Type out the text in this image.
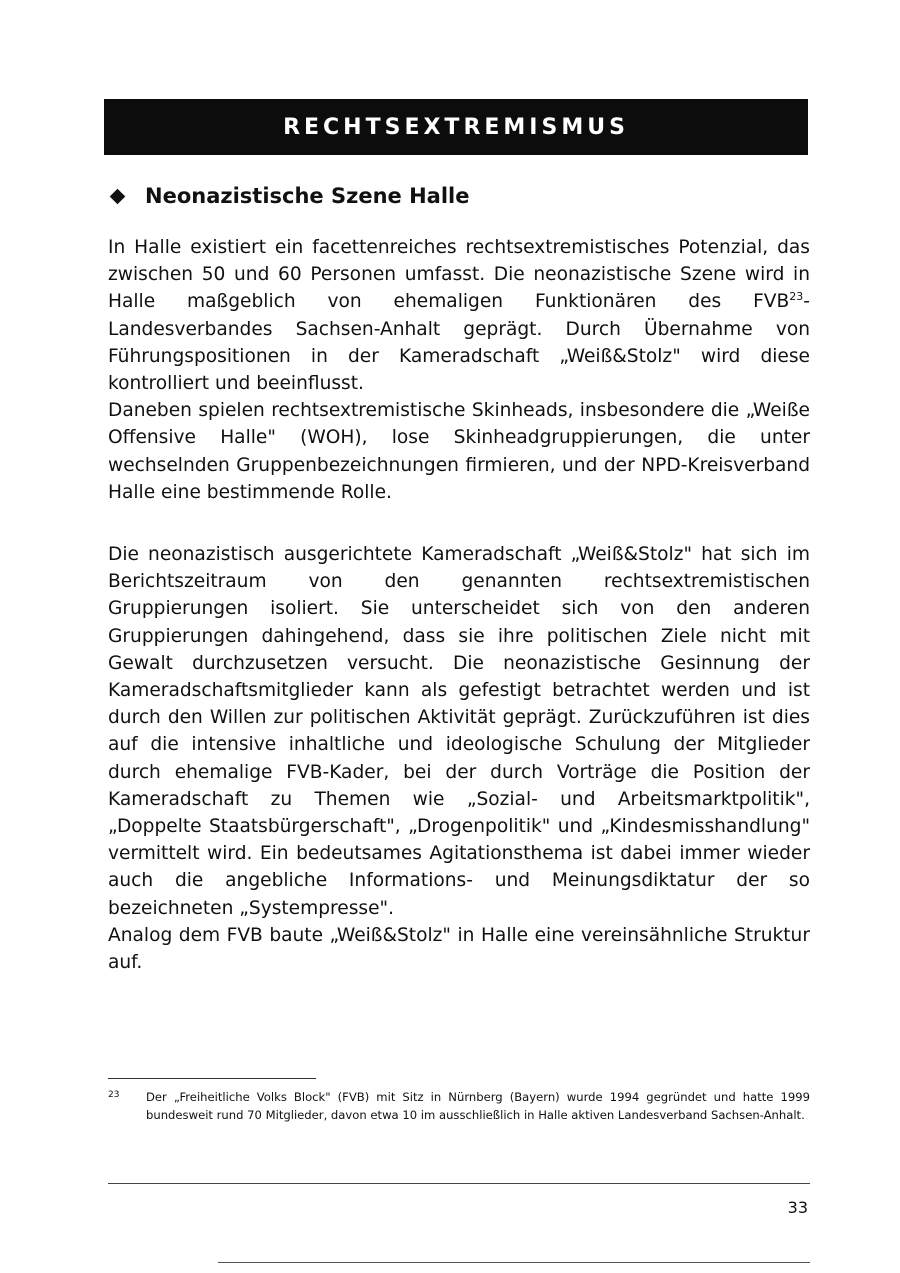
RECHTSEXTREMISMUS
Neonazistische Szene Halle

In Halle existiert ein facettenreiches rechtsextremistisches Potenzial, das zwischen 50 und 60 Personen umfasst. Die neonazistische Szene wird in Halle maßgeblich von ehemaligen Funktionären des FVB$^{23}$-Landesverbandes Sachsen-Anhalt geprägt. Durch Übernahme von Führungspositionen in der Kameradschaft „Weiß&Stolz" wird diese kontrolliert und beeinflusst.

Daneben spielen rechtsextremistische Skinheads, insbesondere die „Weiße Offensive Halle" (WOH), lose Skinheadgruppierungen, die unter wechselnden Gruppenbezeichnungen firmieren, und der NPD-Kreisverband Halle eine bestimmende Rolle.

Die neonazistisch ausgerichtete Kameradschaft „Weiß&Stolz" hat sich im Berichtszeitraum von den genannten rechtsextremistischen Gruppierungen isoliert. Sie unterscheidet sich von den anderen Gruppierungen dahingehend, dass sie ihre politischen Ziele nicht mit Gewalt durchzusetzen versucht. Die neonazistische Gesinnung der Kameradschaftsmitglieder kann als gefestigt betrachtet werden und ist durch den Willen zur politischen Aktivität geprägt. Zurückzuführen ist dies auf die intensive inhaltliche und ideologische Schulung der Mitglieder durch ehemalige FVB-Kader, bei der durch Vorträge die Position der Kameradschaft zu Themen wie „Sozial- und Arbeitsmarktpolitik", „Doppelte Staatsbürgerschaft", „Drogenpolitik" und „Kindesmisshandlung" vermittelt wird. Ein bedeutsames Agitationsthema ist dabei immer wieder auch die angebliche Informations- und Meinungsdiktatur der so bezeichneten „Systempresse".

Analog dem FVB baute „Weiß&Stolz" in Halle eine vereinsähnliche Struktur auf.

23	Der „Freiheitliche Volks Block" (FVB) mit Sitz in Nürnberg (Bayern) wurde 1994 gegründet und hatte 1999 bundesweit rund 70 Mitglieder, davon etwa 10 im ausschließlich in Halle aktiven Landesverband Sachsen-Anhalt.
33
